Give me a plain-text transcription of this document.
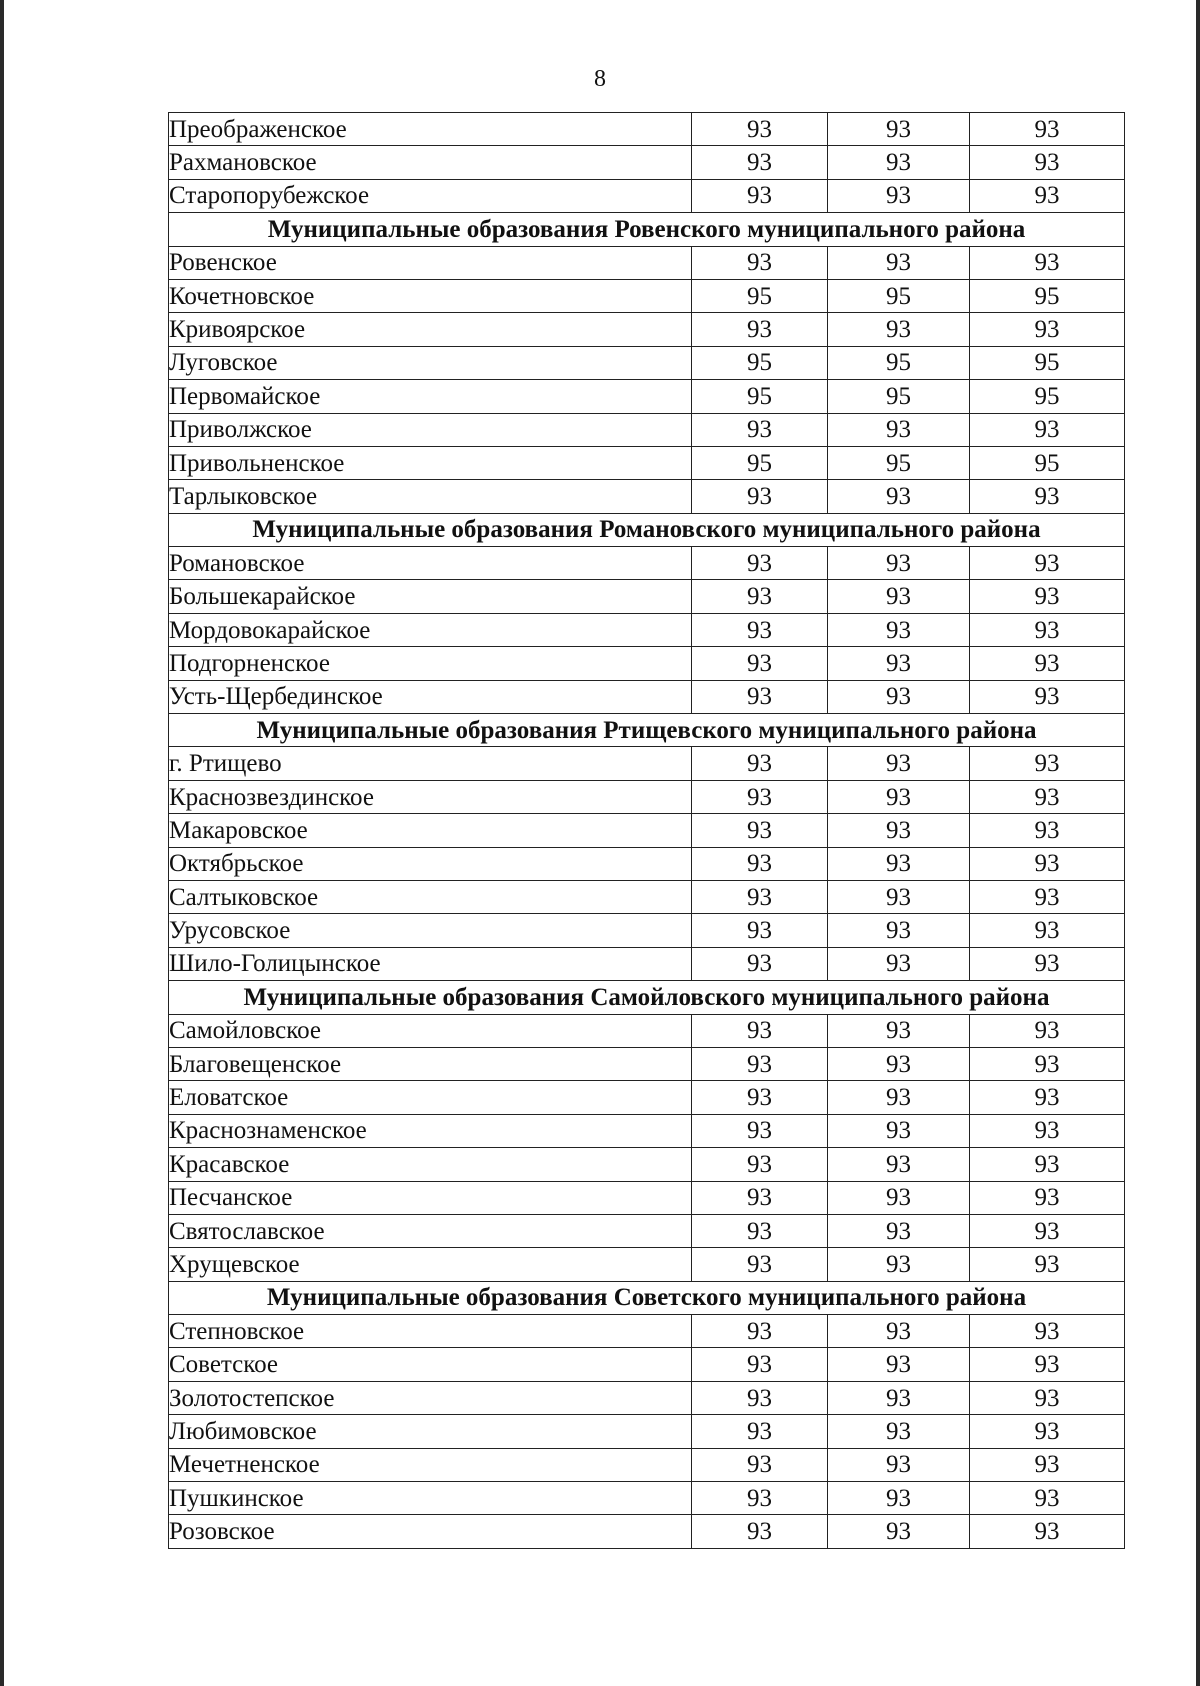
8
Преображенское	93	93	93
Рахмановское	93	93	93
Старопорубежское	93	93	93
Муниципальные образования Ровенского муниципального района			
Ровенское	93	93	93
Кочетновское	95	95	95
Кривоярское	93	93	93
Луговское	95	95	95
Первомайское	95	95	95
Приволжское	93	93	93
Привольненское	95	95	95
Тарлыковское	93	93	93
Муниципальные образования Романовского муниципального района			
Романовское	93	93	93
Большекарайское	93	93	93
Мордовокарайское	93	93	93
Подгорненское	93	93	93
Усть-Щербединское	93	93	93
Муниципальные образования Ртищевского муниципального района			
г. Ртищево	93	93	93
Краснозвездинское	93	93	93
Макаровское	93	93	93
Октябрьское	93	93	93
Салтыковское	93	93	93
Урусовское	93	93	93
Шило-Голицынское	93	93	93
Муниципальные образования Самойловского муниципального района			
Самойловское	93	93	93
Благовещенское	93	93	93
Еловатское	93	93	93
Краснознаменское	93	93	93
Красавское	93	93	93
Песчанское	93	93	93
Святославское	93	93	93
Хрущевское	93	93	93
Муниципальные образования Советского муниципального района			
Степновское	93	93	93
Советское	93	93	93
Золотостепское	93	93	93
Любимовское	93	93	93
Мечетненское	93	93	93
Пушкинское	93	93	93
Розовское	93	93	93
